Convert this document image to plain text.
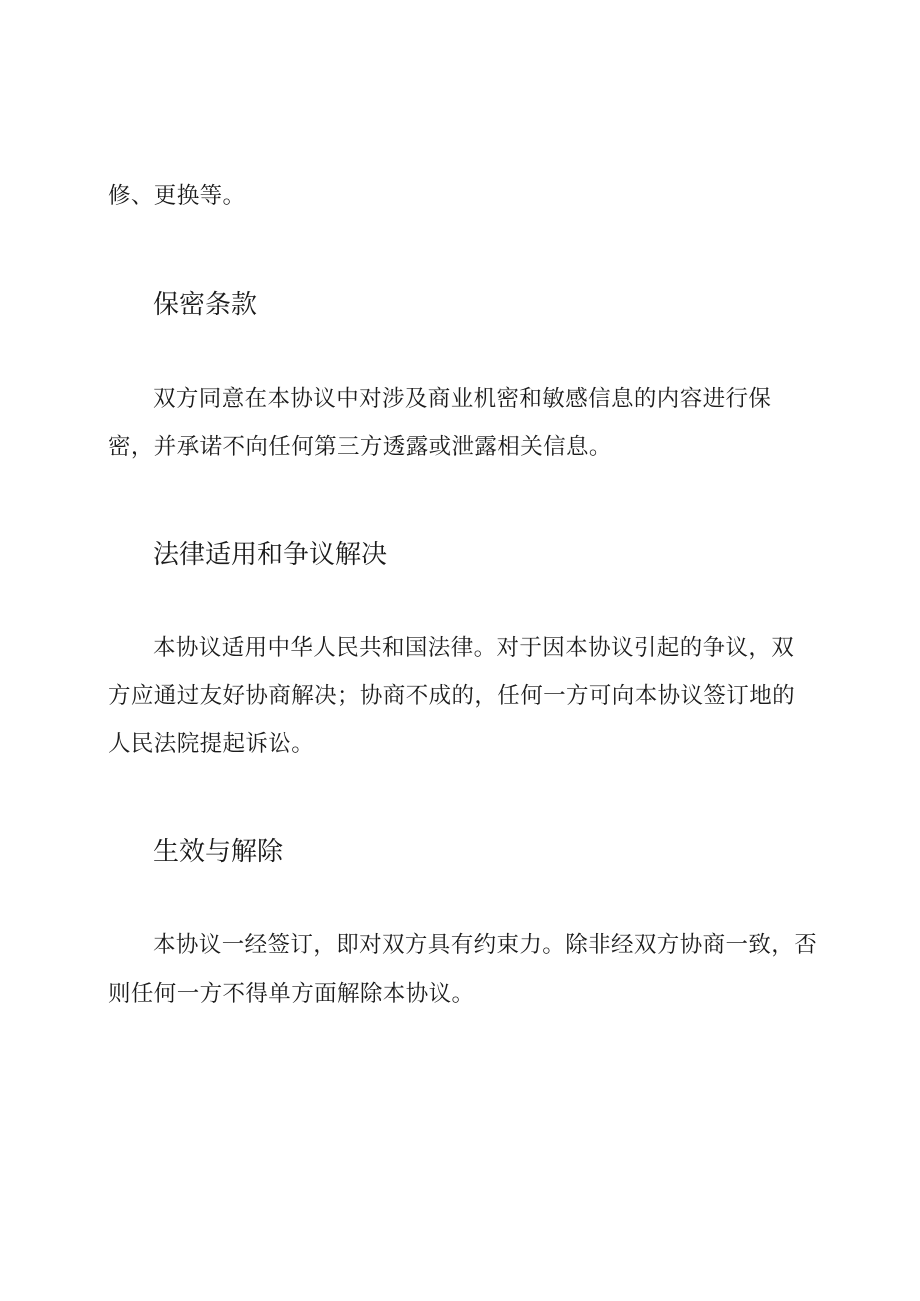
修、更换等。

保密条款

双方同意在本协议中对涉及商业机密和敏感信息的内容进行保

密，并承诺不向任何第三方透露或泄露相关信息。

法律适用和争议解决

本协议适用中华人民共和国法律。对于因本协议引起的争议，双

方应通过友好协商解决；协商不成的，任何一方可向本协议签订地的

人民法院提起诉讼。

生效与解除

本协议一经签订，即对双方具有约束力。除非经双方协商一致，否

则任何一方不得单方面解除本协议。
